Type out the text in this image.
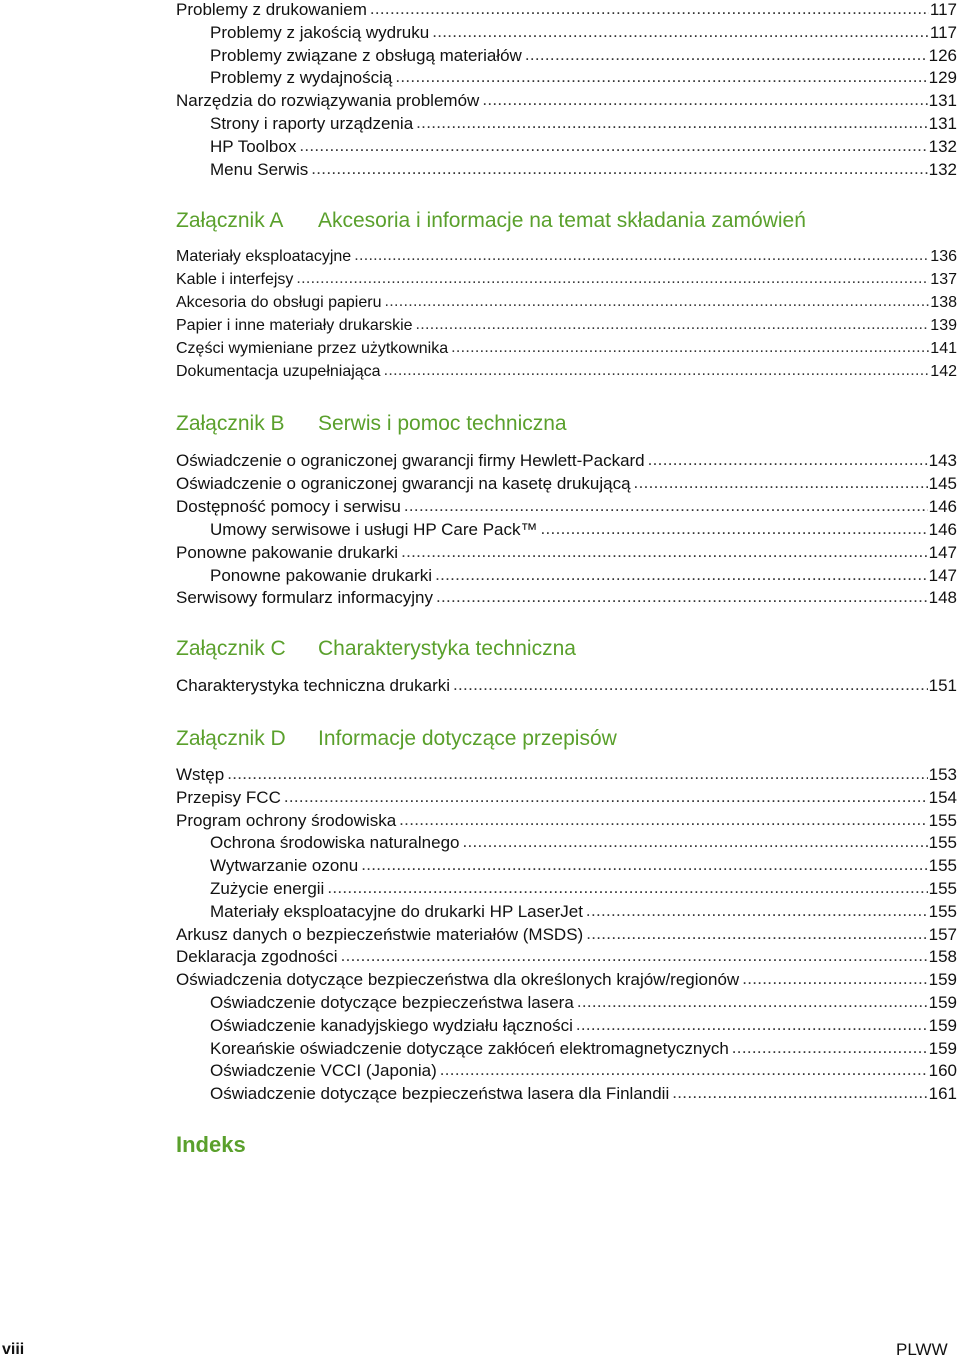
Problemy z drukowaniem .....	117
Problemy z jakością wydruku .....	117
Problemy związane z obsługą materiałów .....	126
Problemy z wydajnością .....	129
Narzędzia do rozwiązywania problemów .....	131
Strony i raporty urządzenia .....	131
HP Toolbox .....	132
Menu Serwis .....	132
Załącznik A Akcesoria i informacje na temat składania zamówień
Materiały eksploatacyjne .....	136
Kable i interfejsy .....	137
Akcesoria do obsługi papieru .....	138
Papier i inne materiały drukarskie .....	139
Części wymieniane przez użytkownika .....	141
Dokumentacja uzupełniająca .....	142
Załącznik B Serwis i pomoc techniczna
Oświadczenie o ograniczonej gwarancji firmy Hewlett-Packard .....	143
Oświadczenie o ograniczonej gwarancji na kasetę drukującą .....	145
Dostępność pomocy i serwisu .....	146
Umowy serwisowe i usługi HP Care Pack™ .....	146
Ponowne pakowanie drukarki .....	147
Ponowne pakowanie drukarki .....	147
Serwisowy formularz informacyjny .....	148
Załącznik C Charakterystyka techniczna
Charakterystyka techniczna drukarki .....	151
Załącznik D Informacje dotyczące przepisów
Wstęp .....	153
Przepisy FCC .....	154
Program ochrony środowiska .....	155
Ochrona środowiska naturalnego .....	155
Wytwarzanie ozonu .....	155
Zużycie energii .....	155
Materiały eksploatacyjne do drukarki HP LaserJet .....	155
Arkusz danych o bezpieczeństwie materiałów (MSDS) .....	157
Deklaracja zgodności .....	158
Oświadczenia dotyczące bezpieczeństwa dla określonych krajów/regionów .....	159
Oświadczenie dotyczące bezpieczeństwa lasera .....	159
Oświadczenie kanadyjskiego wydziału łączności .....	159
Koreańskie oświadczenie dotyczące zakłóceń elektromagnetycznych .....	159
Oświadczenie VCCI (Japonia) .....	160
Oświadczenie dotyczące bezpieczeństwa lasera dla Finlandii .....	161
Indeks
viii	PLWW
